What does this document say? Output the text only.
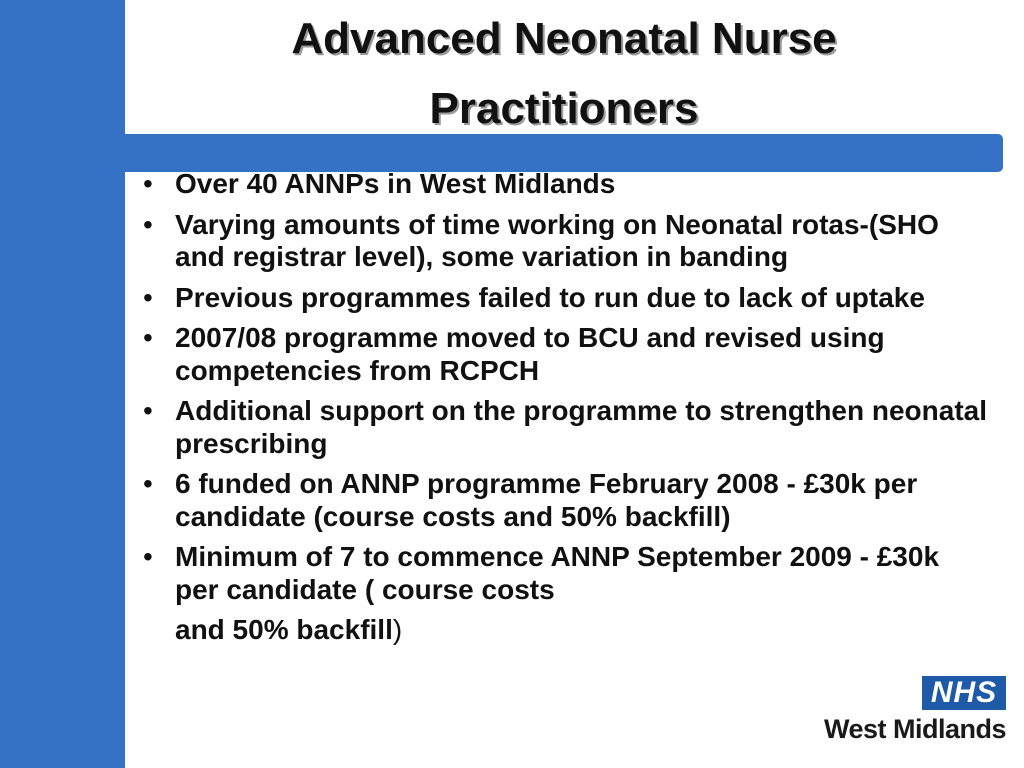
Advanced Neonatal Nurse
Practitioners
• Over 40 ANNPs in West Midlands
• Varying amounts of time working on Neonatal rotas-(SHO and registrar level), some variation in banding
• Previous programmes failed to run due to lack of uptake
• 2007/08 programme moved to BCU and revised using competencies from RCPCH
• Additional support on the programme to strengthen neonatal prescribing
• 6 funded on ANNP programme February 2008 - £30k per candidate (course costs and 50% backfill)
• Minimum of 7 to commence ANNP September 2009 - £30k per candidate ( course costs
and 50% backfill)
NHS
West Midlands
